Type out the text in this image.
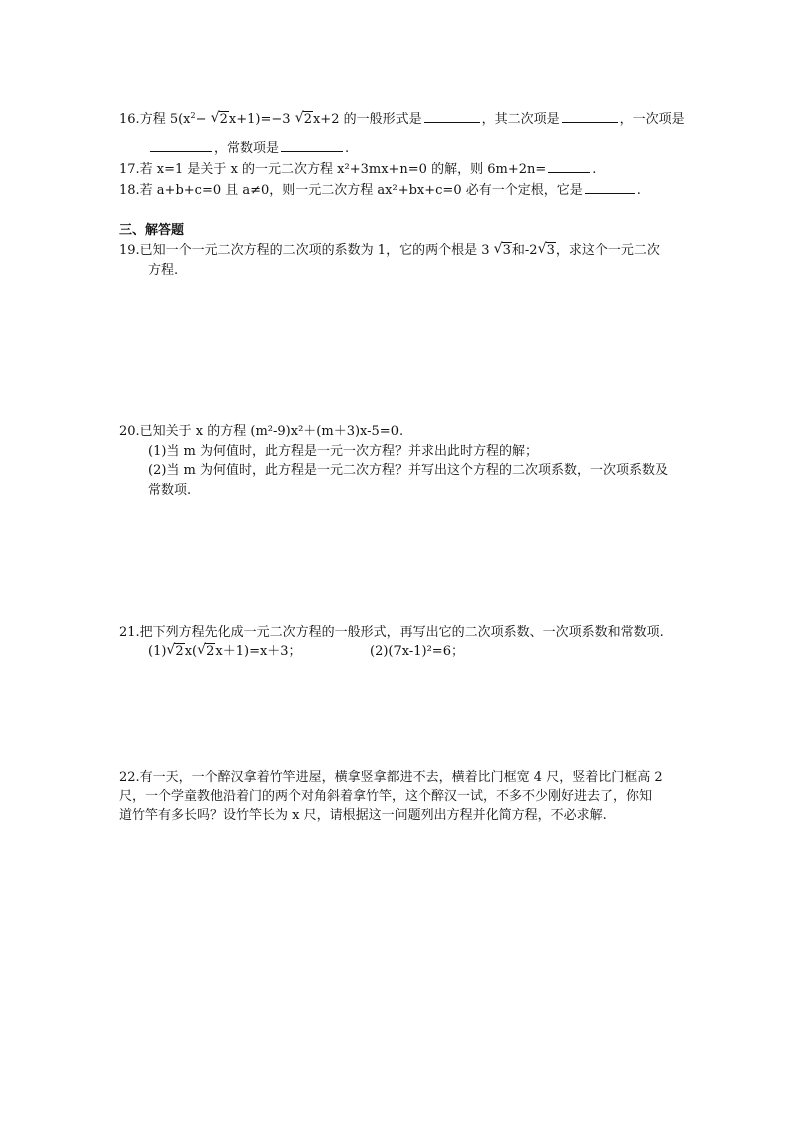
16.方程 $5(x^2-$ √ 2x+1)=−3 √ 2x+2 的一般形式是	，其二次项是	，一次项是
，常数项是	.
17.若 x=1 是关于 x 的一元二次方程 x²+3mx+n=0 的解，则 6m+2n=	.
18.若 a+b+c=0 且 a≠0，则一元二次方程 ax²+bx+c=0 必有一个定根，它是	.
三、解答题
19.已知一个一元二次方程的二次项的系数为 1，它的两个根是 3 √ 3和-2 √ 3，求这个一元二次
方程.
20.已知关于 x 的方程 (m²-9)x²＋(m＋3)x-5=0.
(1)当 m 为何值时，此方程是一元一次方程？并求出此时方程的解；
(2)当 m 为何值时，此方程是一元二次方程？并写出这个方程的二次项系数，一次项系数及
常数项.
21.把下列方程先化成一元二次方程的一般形式，再写出它的二次项系数、一次项系数和常数项.
(1) √ 2x( √ 2x＋1)=x＋3；	(2)(7x-1)²=6；
22.有一天，一个醉汉拿着竹竿进屋，横拿竖拿都进不去，横着比门框宽 4 尺，竖着比门框高 2
尺，一个学童教他沿着门的两个对角斜着拿竹竿，这个醉汉一试，不多不少刚好进去了，你知
道竹竿有多长吗？设竹竿长为 x 尺，请根据这一问题列出方程并化简方程，不必求解.
